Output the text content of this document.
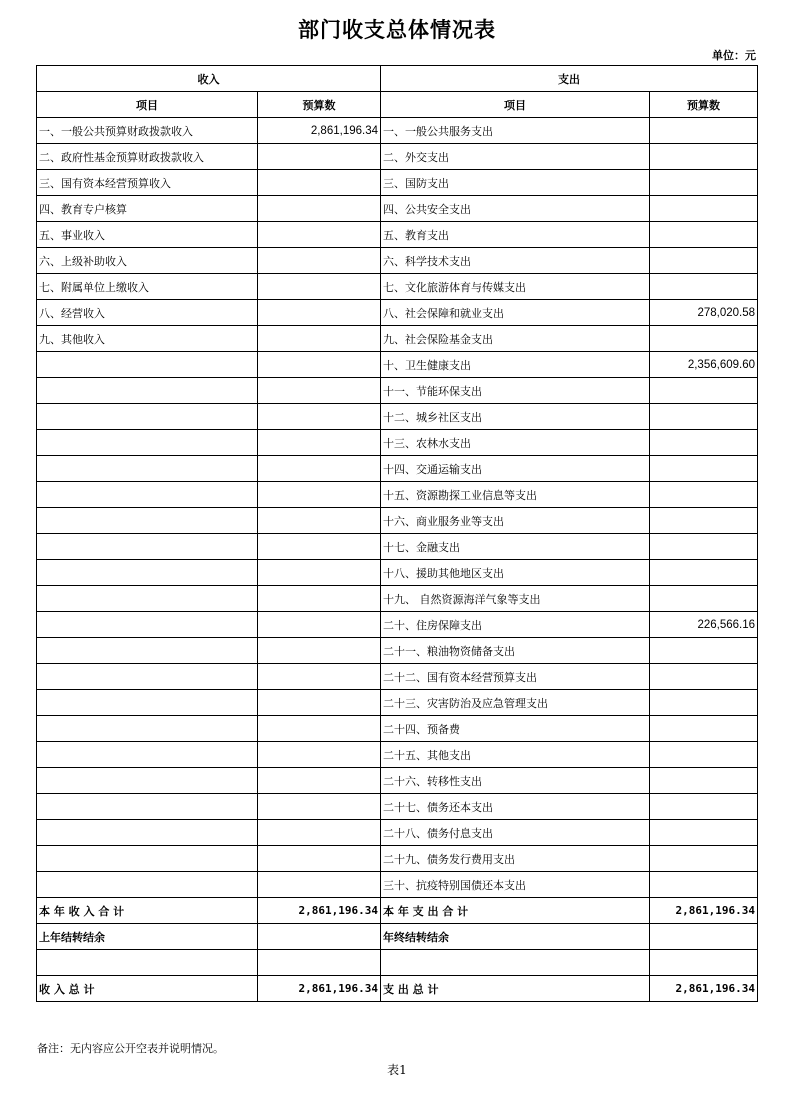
部门收支总体情况表
单位：元
收入		支出	
项目	预算数	项目	预算数
一、一般公共预算财政拨款收入	2,861,196.34	一、一般公共服务支出	
二、政府性基金预算财政拨款收入		二、外交支出	
三、国有资本经营预算收入		三、国防支出	
四、教育专户核算		四、公共安全支出	
五、事业收入		五、教育支出	
六、上级补助收入		六、科学技术支出	
七、附属单位上缴收入		七、文化旅游体育与传媒支出	
八、经营收入		八、社会保障和就业支出	278,020.58
九、其他收入		九、社会保险基金支出	
		十、卫生健康支出	2,356,609.60
		十一、节能环保支出	
		十二、城乡社区支出	
		十三、农林水支出	
		十四、交通运输支出	
		十五、资源勘探工业信息等支出	
		十六、商业服务业等支出	
		十七、金融支出	
		十八、援助其他地区支出	
		十九、 自然资源海洋气象等支出	
		二十、住房保障支出	226,566.16
		二十一、粮油物资储备支出	
		二十二、国有资本经营预算支出	
		二十三、灾害防治及应急管理支出	
		二十四、预备费	
		二十五、其他支出	
		二十六、转移性支出	
		二十七、债务还本支出	
		二十八、债务付息支出	
		二十九、债务发行费用支出	
		三十、抗疫特别国债还本支出	
本 年 收 入 合 计	2,861,196.34	本 年 支 出 合 计	2,861,196.34
上年结转结余		年终结转结余	

收 入 总 计	2,861,196.34	支 出 总 计	2,861,196.34
备注：无内容应公开空表并说明情况。
表1
